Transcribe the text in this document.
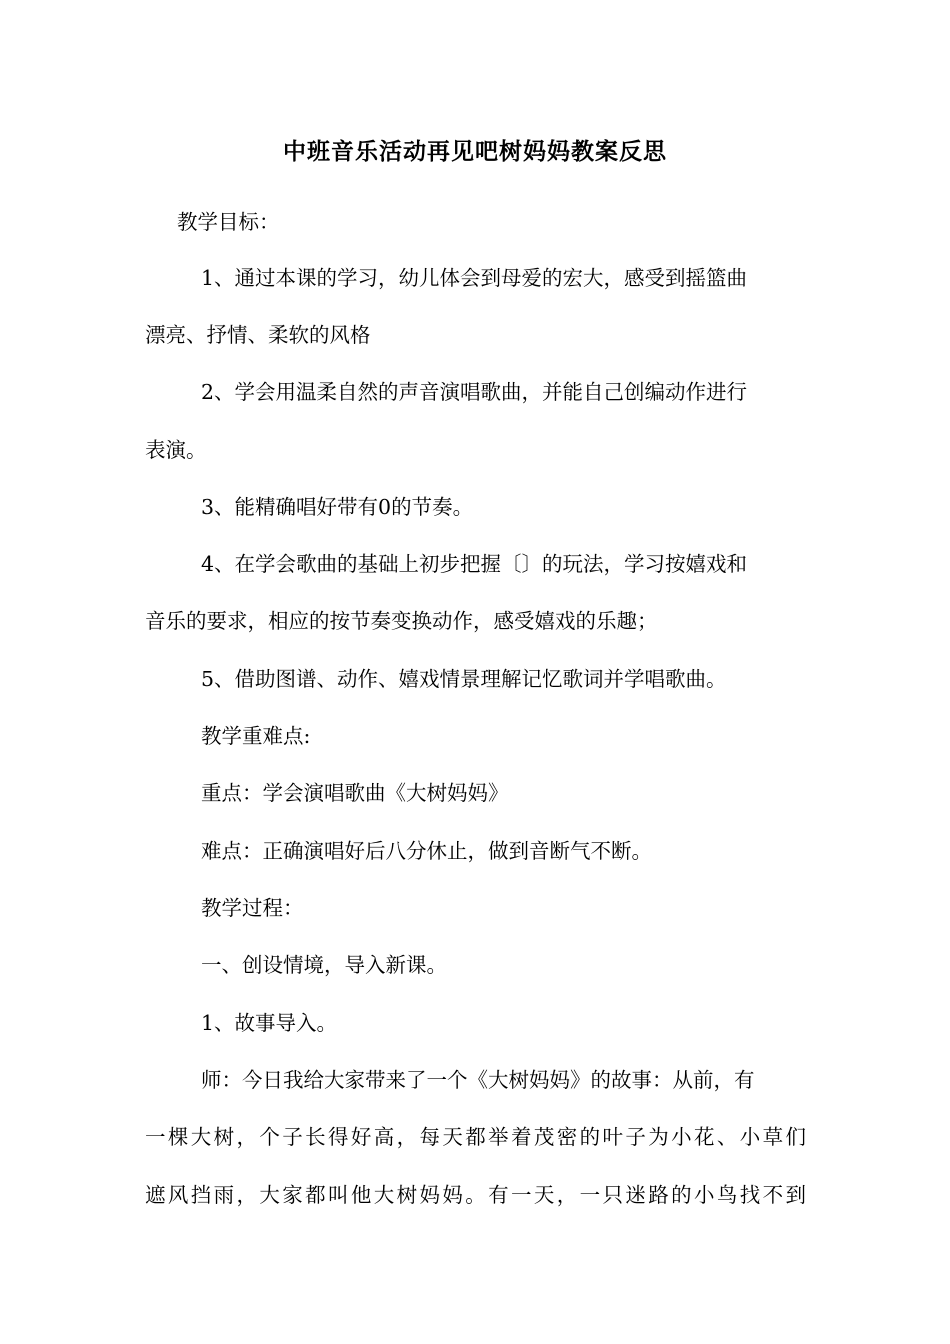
中班音乐活动再见吧树妈妈教案反思
教学目标：
1、通过本课的学习，幼儿体会到母爱的宏大，感受到摇篮曲
漂亮、抒情、柔软的风格
2、学会用温柔自然的声音演唱歌曲，并能自己创编动作进行
表演。
3、能精确唱好带有0的节奏。
4、在学会歌曲的基础上初步把握〔〕的玩法，学习按嬉戏和
音乐的要求，相应的按节奏变换动作，感受嬉戏的乐趣；
5、借助图谱、动作、嬉戏情景理解记忆歌词并学唱歌曲。
教学重难点:
重点：学会演唱歌曲《大树妈妈》
难点：正确演唱好后八分休止，做到音断气不断。
教学过程：
一、创设情境，导入新课。
1、故事导入。
师：今日我给大家带来了一个《大树妈妈》的故事：从前，有
一棵大树，个子长得好高，每天都举着茂密的叶子为小花、小草们
遮风挡雨，大家都叫他大树妈妈。有一天，一只迷路的小鸟找不到
